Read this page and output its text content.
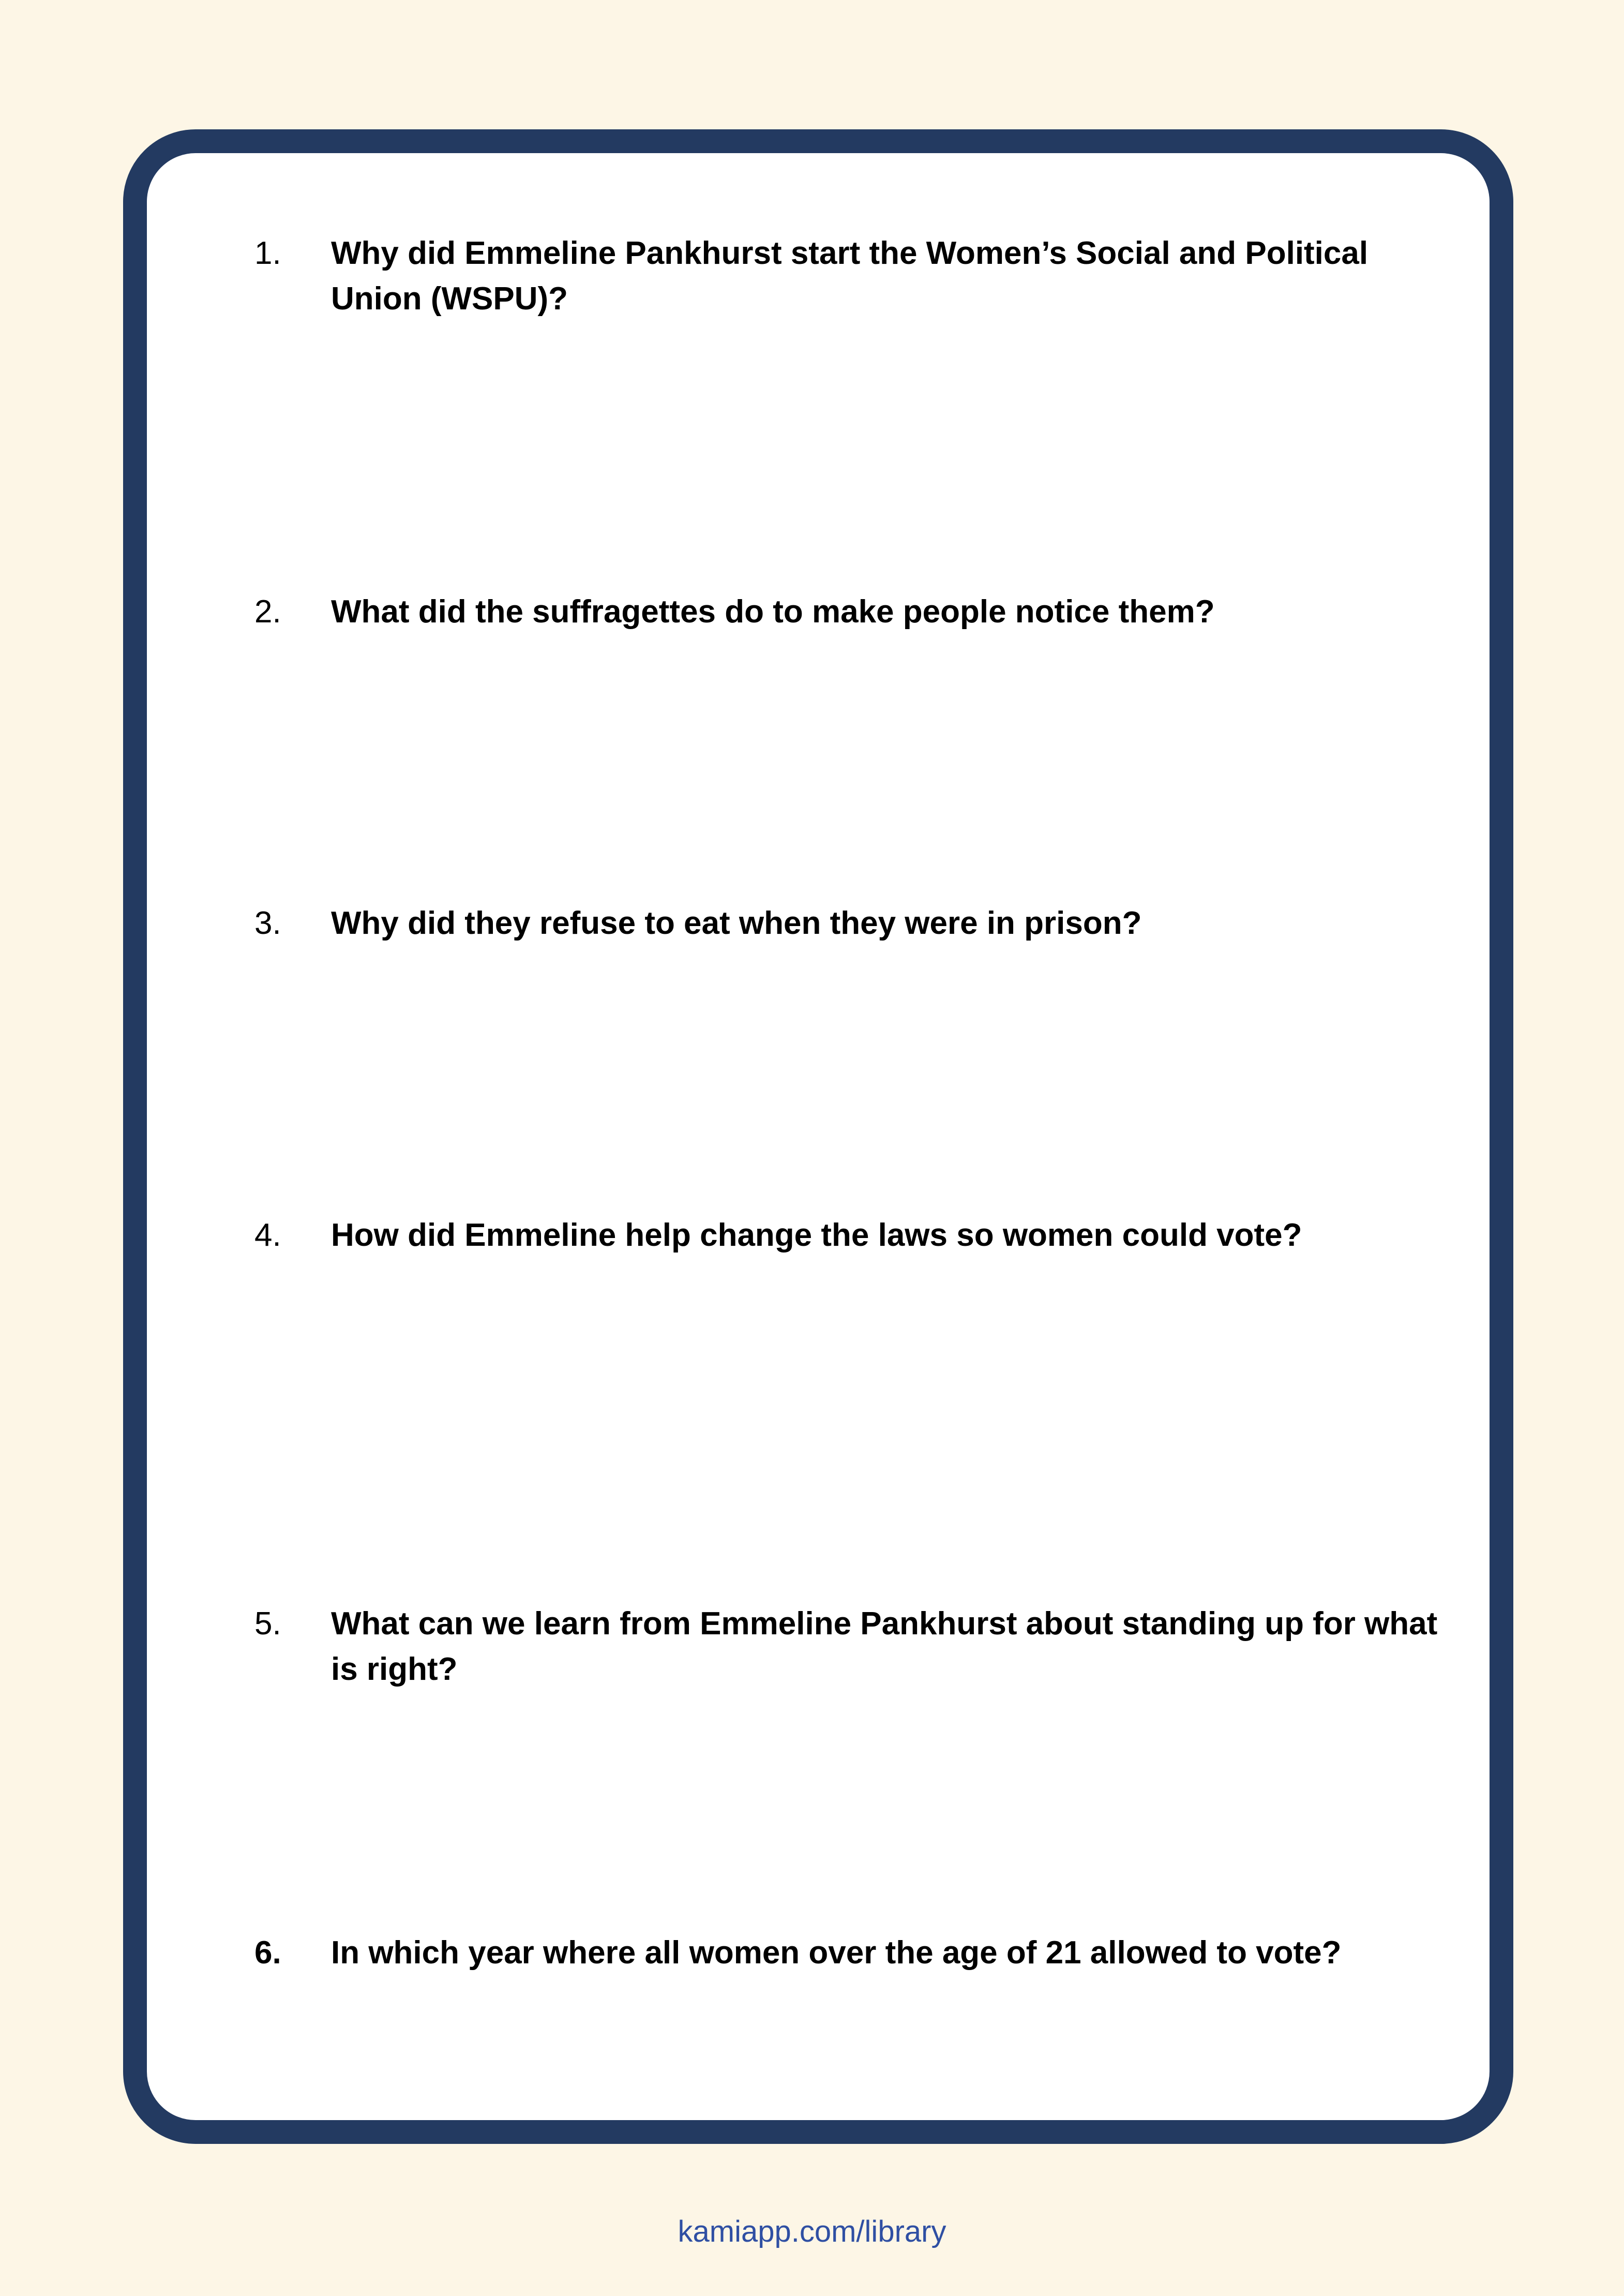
1. Why did Emmeline Pankhurst start the Women’s Social and Political Union (WSPU)?
2. What did the suffragettes do to make people notice them?
3. Why did they refuse to eat when they were in prison?
4. How did Emmeline help change the laws so women could vote?
5. What can we learn from Emmeline Pankhurst about standing up for what is right?
6. In which year where all women over the age of 21 allowed to vote?
kamiapp.com/library
